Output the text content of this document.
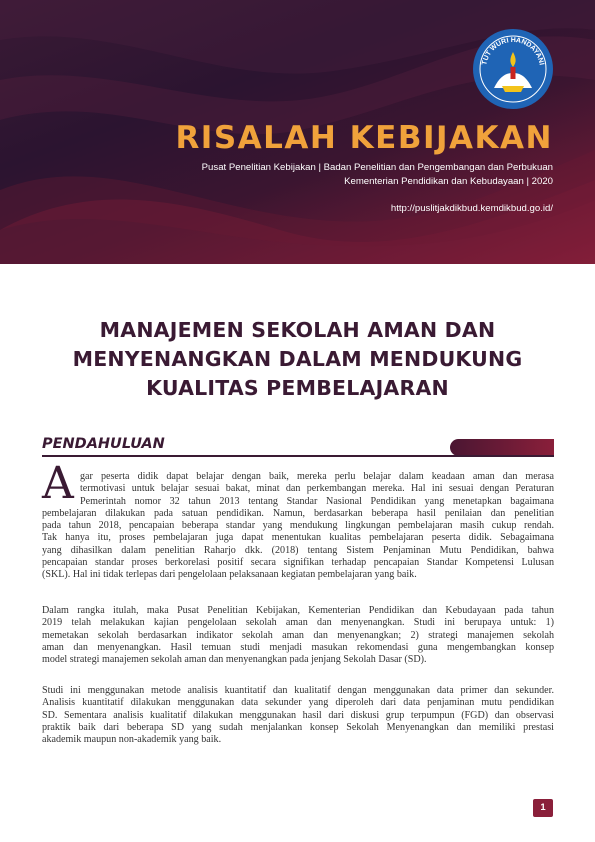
TUT WURI HANDAYANI
RISALAH KEBIJAKAN
Pusat Penelitian Kebijakan | Badan Penelitian dan Pengembangan dan Perbukuan
Kementerian Pendidikan dan Kebudayaan | 2020
http://puslitjakdikbud.kemdikbud.go.id/
MANAJEMEN SEKOLAH AMAN DAN
MENYENANGKAN DALAM MENDUKUNG
KUALITAS PEMBELAJARAN
PENDAHULUAN
A gar peserta didik dapat belajar dengan baik, mereka perlu belajar dalam keadaan aman dan merasa
termotivasi untuk belajar sesuai bakat, minat dan perkembangan mereka. Hal ini sesuai dengan Peraturan
Pemerintah nomor 32 tahun 2013 tentang Standar Nasional Pendidikan yang menetapkan bagaimana
pembelajaran dilakukan pada satuan pendidikan. Namun, berdasarkan beberapa hasil penilaian dan penelitian
pada tahun 2018, pencapaian beberapa standar yang mendukung lingkungan pembelajaran masih cukup rendah.
Tak hanya itu, proses pembelajaran juga dapat menentukan kualitas pembelajaran peserta didik. Sebagaimana
yang dihasilkan dalam penelitian Raharjo dkk. (2018) tentang Sistem Penjaminan Mutu Pendidikan, bahwa
pencapaian standar proses berkorelasi positif secara signifikan terhadap pencapaian Standar Kompetensi Lulusan
(SKL). Hal ini tidak terlepas dari pengelolaan pelaksanaan kegiatan pembelajaran yang baik.
Dalam rangka itulah, maka Pusat Penelitian Kebijakan, Kementerian Pendidikan dan Kebudayaan pada tahun
2019 telah melakukan kajian pengelolaan sekolah aman dan menyenangkan. Studi ini berupaya untuk: 1)
memetakan sekolah berdasarkan indikator sekolah aman dan menyenangkan; 2) strategi manajemen sekolah
aman dan menyenangkan. Hasil temuan studi menjadi masukan rekomendasi guna mengembangkan konsep
model strategi manajemen sekolah aman dan menyenangkan pada jenjang Sekolah Dasar (SD).
Studi ini menggunakan metode analisis kuantitatif dan kualitatif dengan menggunakan data primer dan sekunder.
Analisis kuantitatif dilakukan menggunakan data sekunder yang diperoleh dari data penjaminan mutu pendidikan
SD. Sementara analisis kualitatif dilakukan menggunakan hasil dari diskusi grup terpumpun (FGD) dan observasi
praktik baik dari beberapa SD yang sudah menjalankan konsep Sekolah Menyenangkan dan memiliki prestasi
akademik maupun non-akademik yang baik.
1
